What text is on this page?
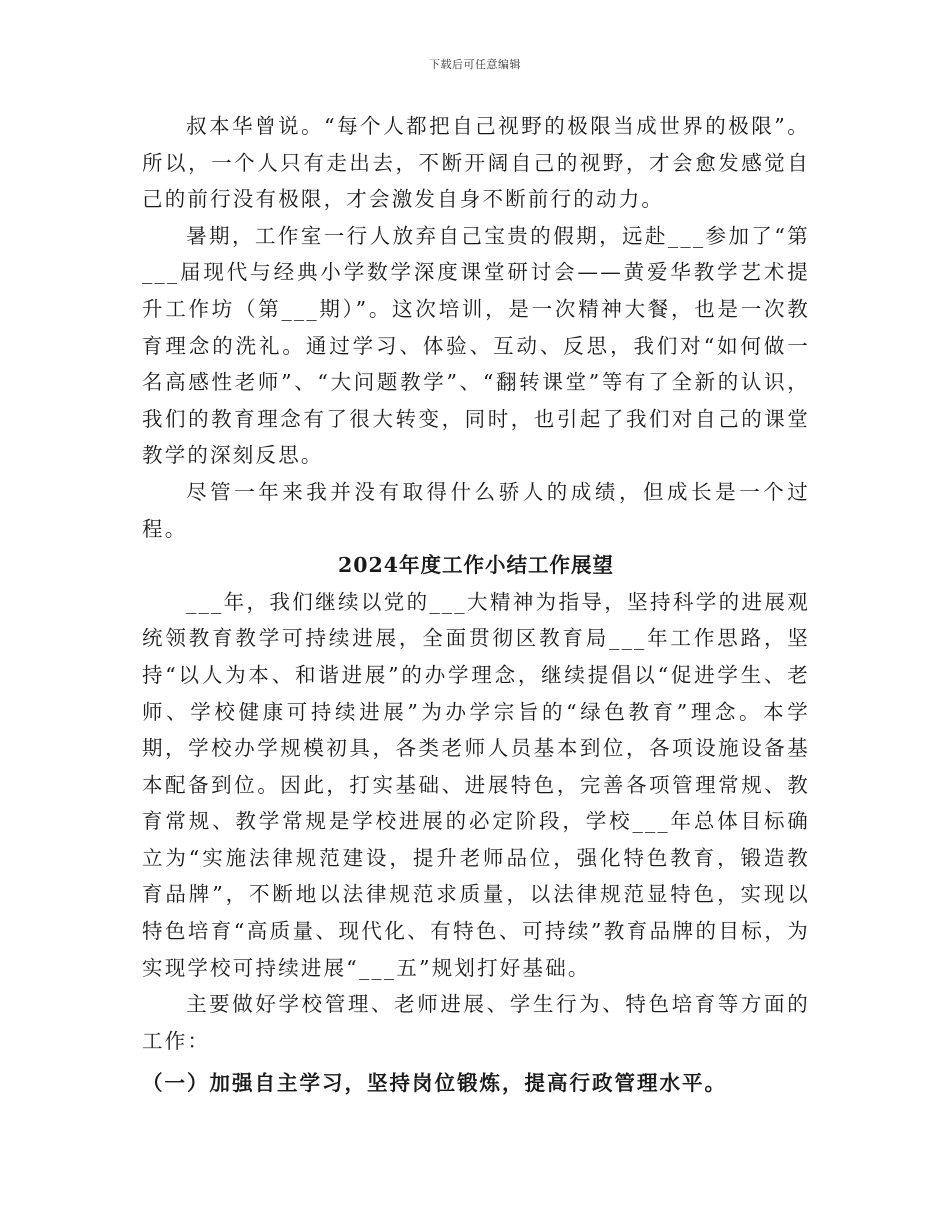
下载后可任意编辑

叔本华曾说。“每个人都把自己视野的极限当成世界的极限”。所以，一个人只有走出去，不断开阔自己的视野，才会愈发感觉自己的前行没有极限，才会激发自身不断前行的动力。

暑期，工作室一行人放弃自己宝贵的假期，远赴___参加了“第___届现代与经典小学数学深度课堂研讨会——黄爱华教学艺术提升工作坊（第___期）”。这次培训，是一次精神大餐，也是一次教育理念的洗礼。通过学习、体验、互动、反思，我们对“如何做一名高感性老师”、“大问题教学”、“翻转课堂”等有了全新的认识，我们的教育理念有了很大转变，同时，也引起了我们对自己的课堂教学的深刻反思。

尽管一年来我并没有取得什么骄人的成绩，但成长是一个过程。

2024年度工作小结工作展望

___年，我们继续以党的___大精神为指导，坚持科学的进展观统领教育教学可持续进展，全面贯彻区教育局___年工作思路，坚持“以人为本、和谐进展”的办学理念，继续提倡以“促进学生、老师、学校健康可持续进展”为办学宗旨的“绿色教育”理念。本学期，学校办学规模初具，各类老师人员基本到位，各项设施设备基本配备到位。因此，打实基础、进展特色，完善各项管理常规、教育常规、教学常规是学校进展的必定阶段，学校___年总体目标确立为“实施法律规范建设，提升老师品位，强化特色教育，锻造教育品牌”，不断地以法律规范求质量，以法律规范显特色，实现以特色培育“高质量、现代化、有特色、可持续”教育品牌的目标，为实现学校可持续进展“___五”规划打好基础。

主要做好学校管理、老师进展、学生行为、特色培育等方面的工作：

（一）加强自主学习，坚持岗位锻炼，提高行政管理水平。
